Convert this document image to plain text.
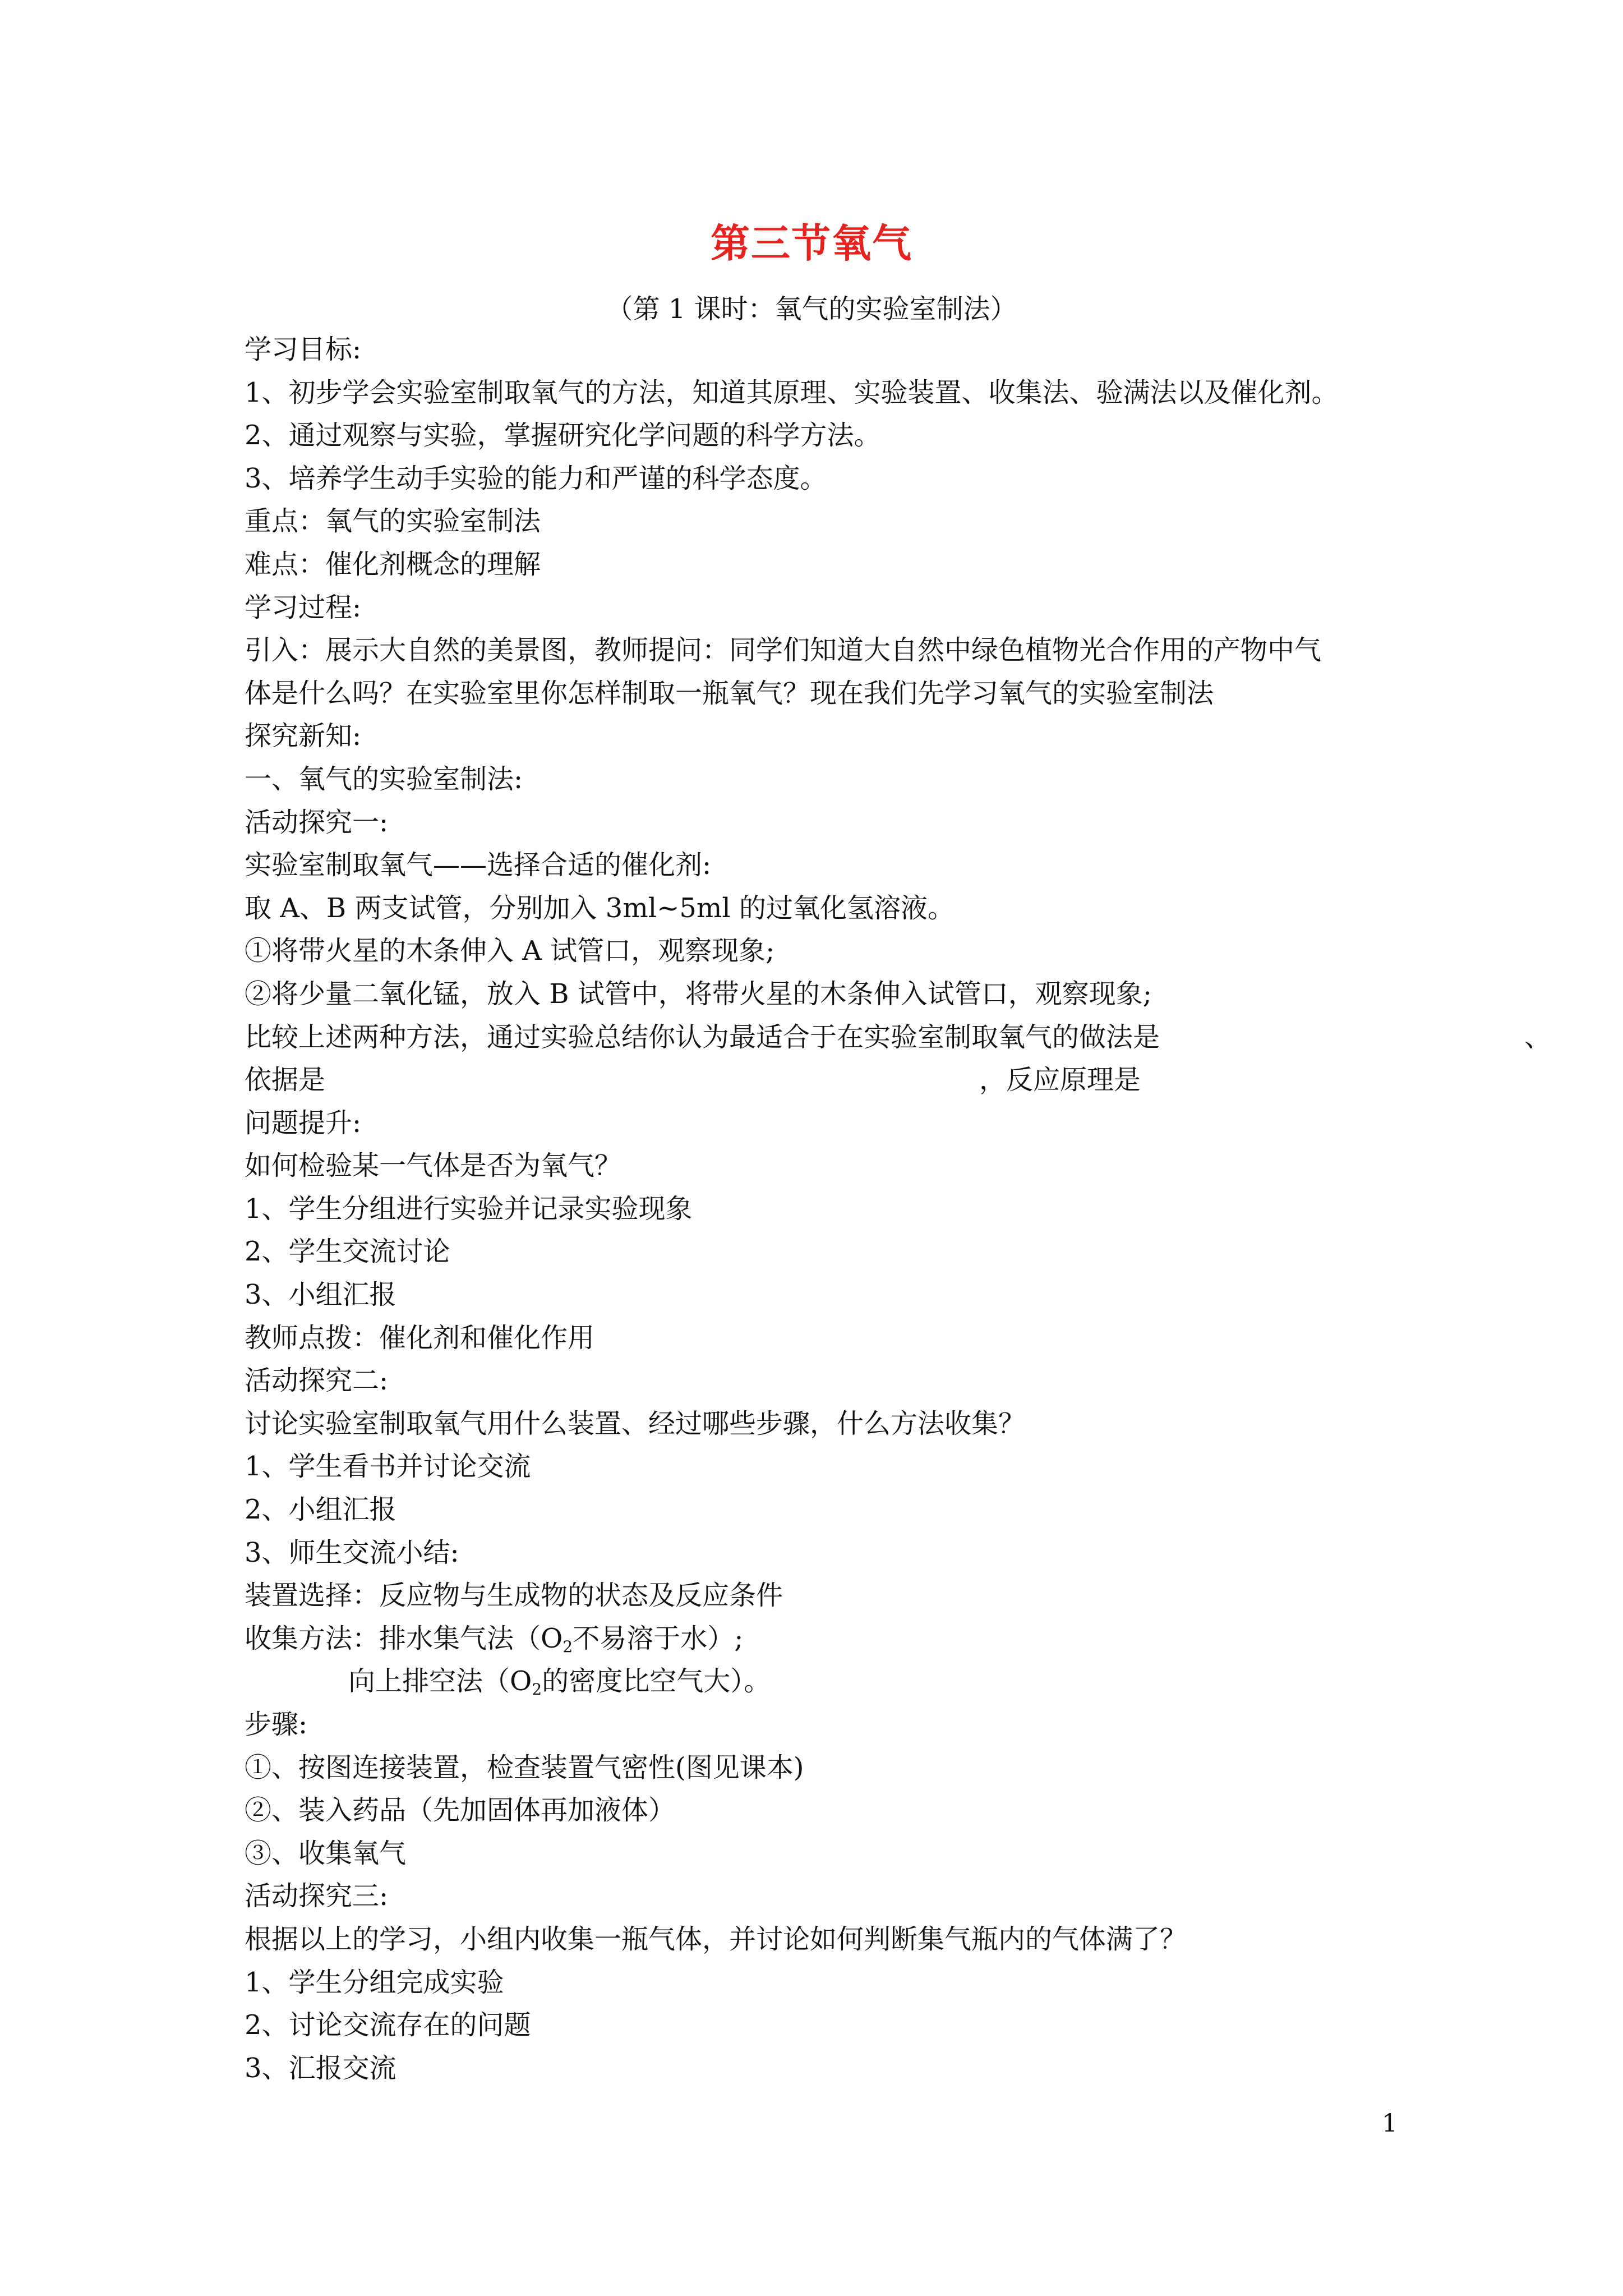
第三节氧气
（第 1 课时：氧气的实验室制法）
学习目标:
1、初步学会实验室制取氧气的方法，知道其原理、实验装置、收集法、验满法以及催化剂。
2、通过观察与实验，掌握研究化学问题的科学方法。
3、培养学生动手实验的能力和严谨的科学态度。
重点：氧气的实验室制法
难点：催化剂概念的理解
学习过程:
引入：展示大自然的美景图，教师提问：同学们知道大自然中绿色植物光合作用的产物中气
体是什么吗？在实验室里你怎样制取一瓶氧气？现在我们先学习氧气的实验室制法
探究新知:
一、氧气的实验室制法:
活动探究一:
实验室制取氧气——选择合适的催化剂:
取 A、B 两支试管，分别加入 3ml~5ml 的过氧化氢溶液。
①将带火星的木条伸入 A 试管口，观察现象;
②将少量二氧化锰，放入 B 试管中，将带火星的木条伸入试管口，观察现象;
比较上述两种方法，通过实验总结你认为最适合于在实验室制取氧气的做法是	、
依据是	，反应原理是
问题提升:
如何检验某一气体是否为氧气？
1、学生分组进行实验并记录实验现象
2、学生交流讨论
3、小组汇报
教师点拨：催化剂和催化作用
活动探究二:
讨论实验室制取氧气用什么装置、经过哪些步骤，什么方法收集？
1、学生看书并讨论交流
2、小组汇报
3、师生交流小结:
装置选择：反应物与生成物的状态及反应条件
收集方法：排水集气法（$O_2$不易溶于水）;
向上排空法（$O_2$的密度比空气大）。
步骤:
①、按图连接装置，检查装置气密性(图见课本)
②、装入药品（先加固体再加液体）
③、收集氧气
活动探究三:
根据以上的学习，小组内收集一瓶气体，并讨论如何判断集气瓶内的气体满了？
1、学生分组完成实验
2、讨论交流存在的问题
3、汇报交流
1
